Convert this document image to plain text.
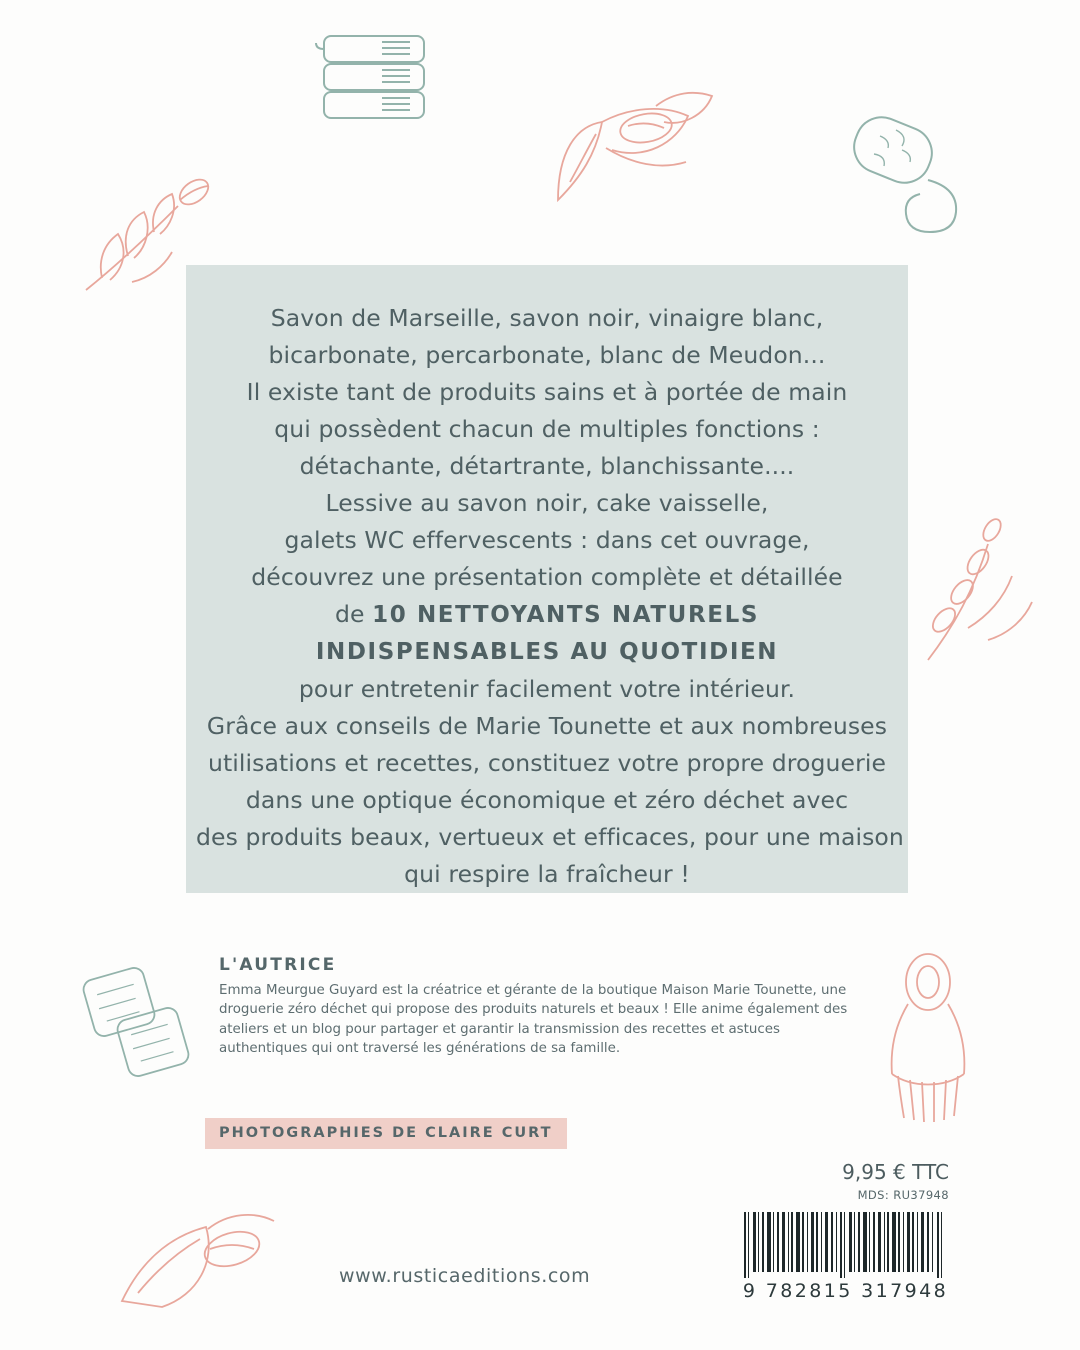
Savon de Marseille, savon noir, vinaigre blanc,
bicarbonate, percarbonate, blanc de Meudon...
Il existe tant de produits sains et à portée de main
qui possèdent chacun de multiples fonctions :
détachante, détartrante, blanchissante....
Lessive au savon noir, cake vaisselle,
galets WC effervescents : dans cet ouvrage,
découvrez une présentation complète et détaillée
de 10 NETTOYANTS NATURELS
INDISPENSABLES AU QUOTIDIEN
pour entretenir facilement votre intérieur.
Grâce aux conseils de Marie Tounette et aux nombreuses
utilisations et recettes, constituez votre propre droguerie
dans une optique économique et zéro déchet avec
des produits beaux, vertueux et efficaces, pour une maison
qui respire la fraîcheur !
L'AUTRICE
Emma Meurgue Guyard est la créatrice et gérante de la boutique Maison Marie Tounette, une droguerie zéro déchet qui propose des produits naturels et beaux ! Elle anime également des ateliers et un blog pour partager et garantir la transmission des recettes et astuces authentiques qui ont traversé les générations de sa famille.
PHOTOGRAPHIES DE CLAIRE CURT
9,95 € TTC
MDS: RU37948
9 782815 317948
www.rusticaeditions.com
